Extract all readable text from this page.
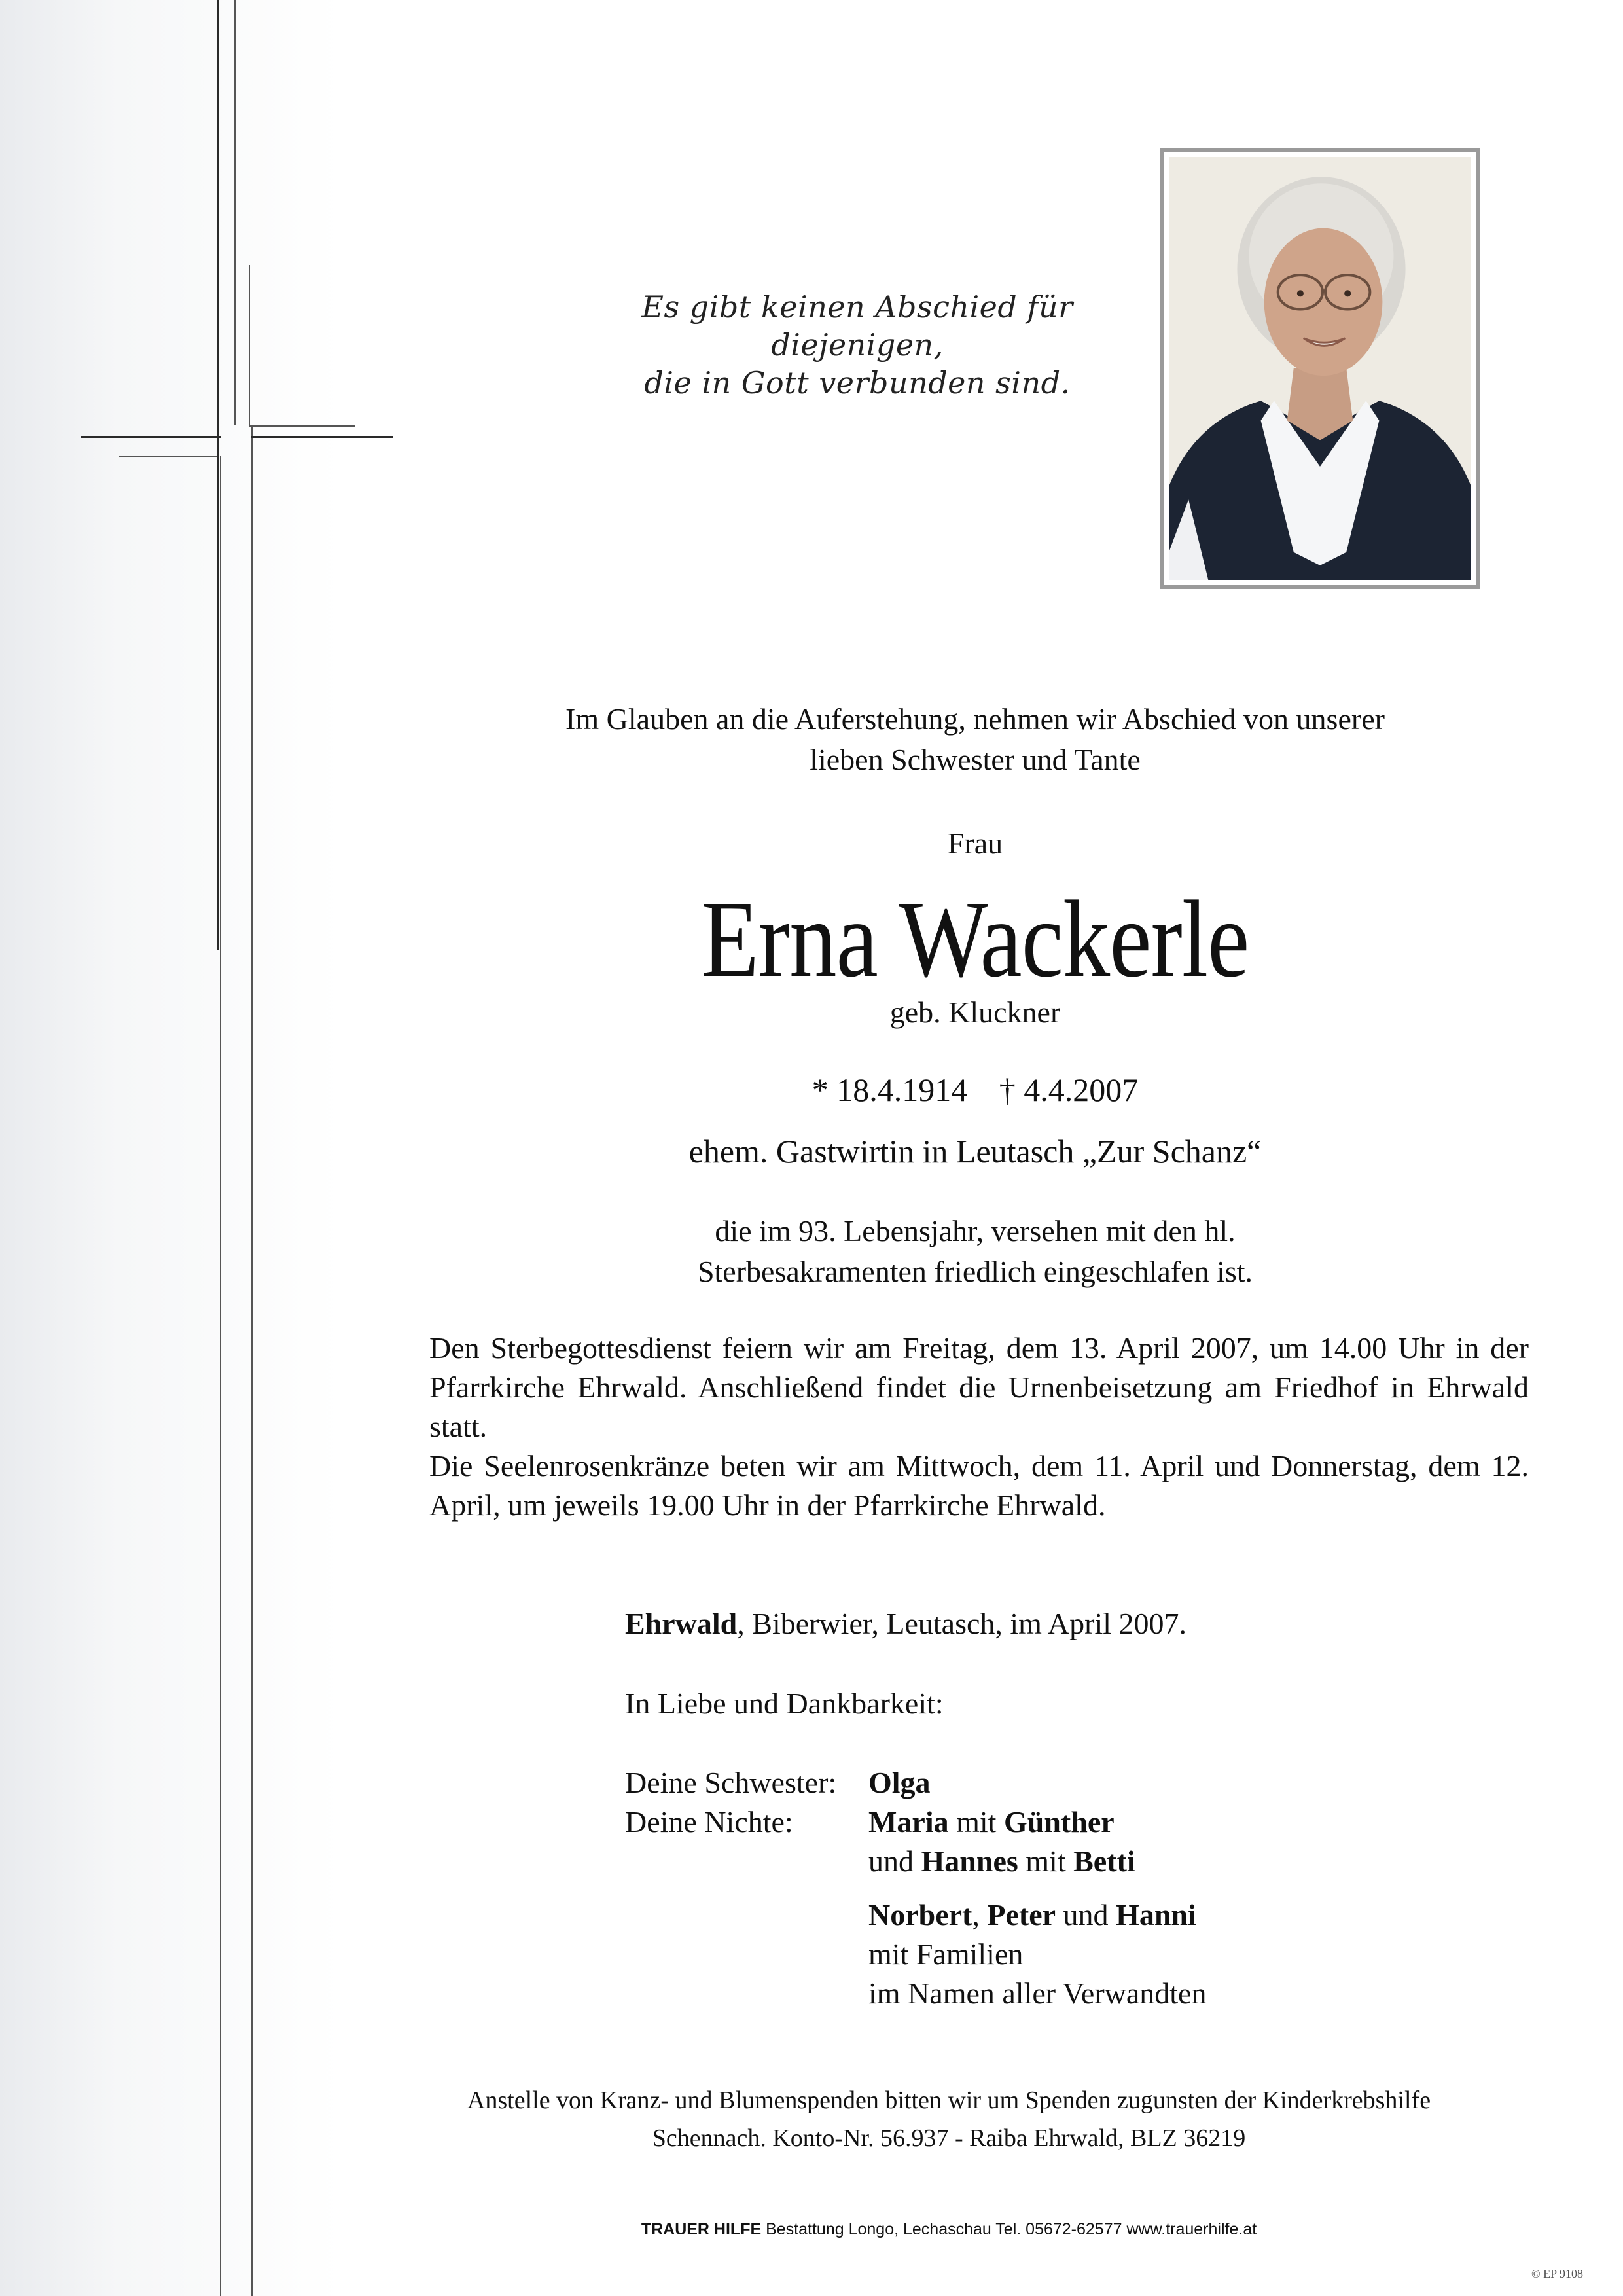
Es gibt keinen Abschied für
diejenigen,
die in Gott verbunden sind.
Im Glauben an die Auferstehung, nehmen wir Abschied von unserer
lieben Schwester und Tante
Frau
Erna Wackerle
geb. Kluckner
* 18.4.1914 † 4.4.2007
ehem. Gastwirtin in Leutasch „Zur Schanz“
die im 93. Lebensjahr, versehen mit den hl.
Sterbesakramenten friedlich eingeschlafen ist.

Den Sterbegottesdienst feiern wir am Freitag, dem 13. April 2007, um 14.00 Uhr in der Pfarrkirche Ehrwald. Anschließend findet die Urnenbeisetzung am Friedhof in Ehrwald statt.

Die Seelenrosenkränze beten wir am Mittwoch, dem 11. April und Donnerstag, dem 12. April, um jeweils 19.00 Uhr in der Pfarrkirche Ehrwald.

Ehrwald, Biberwier, Leutasch, im April 2007.
In Liebe und Dankbarkeit:
Deine Schwester:	Olga
Deine Nichte:	Maria mit Günther
	und Hannes mit Betti
	Norbert, Peter und Hanni
	mit Familien
	im Namen aller Verwandten
Anstelle von Kranz- und Blumenspenden bitten wir um Spenden zugunsten der Kinderkrebshilfe
Schennach. Konto-Nr. 56.937 - Raiba Ehrwald, BLZ 36219
TRAUER HILFE Bestattung Longo, Lechaschau Tel. 05672-62577 www.trauerhilfe.at
© EP 9108
